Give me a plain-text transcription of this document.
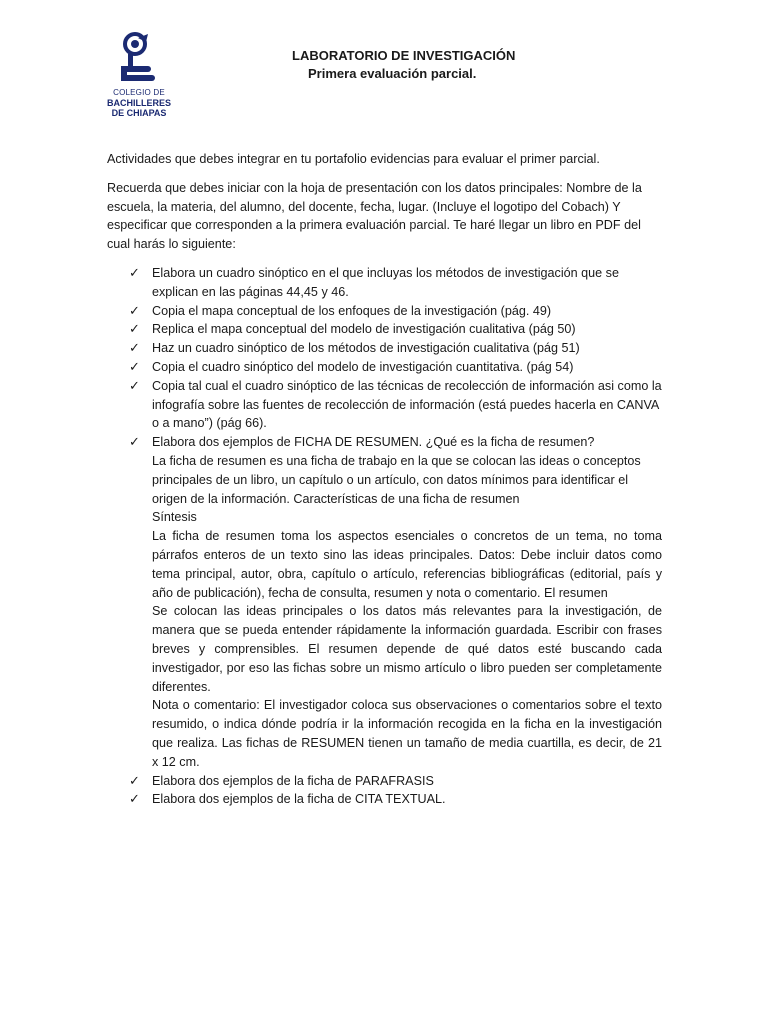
COLEGIO DE
BACHILLERES
DE CHIAPAS
LABORATORIO DE INVESTIGACIÓN
Primera evaluación parcial.

Actividades que debes integrar en tu portafolio evidencias para evaluar el primer parcial.

Recuerda que debes iniciar con la hoja de presentación con los datos principales: Nombre de la escuela, la materia, del alumno, del docente, fecha, lugar. (Incluye el logotipo del Cobach) Y especificar que corresponden a la primera evaluación parcial. Te haré llegar un libro en PDF del cual harás lo siguiente:

✓ Elabora un cuadro sinóptico en el que incluyas los métodos de investigación que se explican en las páginas 44,45 y 46.
✓ Copia el mapa conceptual de los enfoques de la investigación (pág. 49)
✓ Replica el mapa conceptual del modelo de investigación cualitativa (pág 50)
✓ Haz un cuadro sinóptico de los métodos de investigación cualitativa (pág 51)
✓ Copia el cuadro sinóptico del modelo de investigación cuantitativa. (pág 54)
✓ Copia tal cual el cuadro sinóptico de las técnicas de recolección de información asi como la infografía sobre las fuentes de recolección de información (está puedes hacerla en CANVA o a mano”) (pág 66).
✓ Elabora dos ejemplos de FICHA DE RESUMEN. ¿Qué es la ficha de resumen?
La ficha de resumen es una ficha de trabajo en la que se colocan las ideas o conceptos principales de un libro, un capítulo o un artículo, con datos mínimos para identificar el origen de la información. Características de una ficha de resumen
Síntesis
La ficha de resumen toma los aspectos esenciales o concretos de un tema, no toma párrafos enteros de un texto sino las ideas principales. Datos: Debe incluir datos como tema principal, autor, obra, capítulo o artículo, referencias bibliográficas (editorial, país y año de publicación), fecha de consulta, resumen y nota o comentario. El resumen
Se colocan las ideas principales o los datos más relevantes para la investigación, de manera que se pueda entender rápidamente la información guardada. Escribir con frases breves y comprensibles. El resumen depende de qué datos esté buscando cada investigador, por eso las fichas sobre un mismo artículo o libro pueden ser completamente diferentes.
Nota o comentario: El investigador coloca sus observaciones o comentarios sobre el texto resumido, o indica dónde podría ir la información recogida en la ficha en la investigación que realiza. Las fichas de RESUMEN tienen un tamaño de media cuartilla, es decir, de 21 x 12 cm.
✓ Elabora dos ejemplos de la ficha de PARAFRASIS
✓ Elabora dos ejemplos de la ficha de CITA TEXTUAL.
